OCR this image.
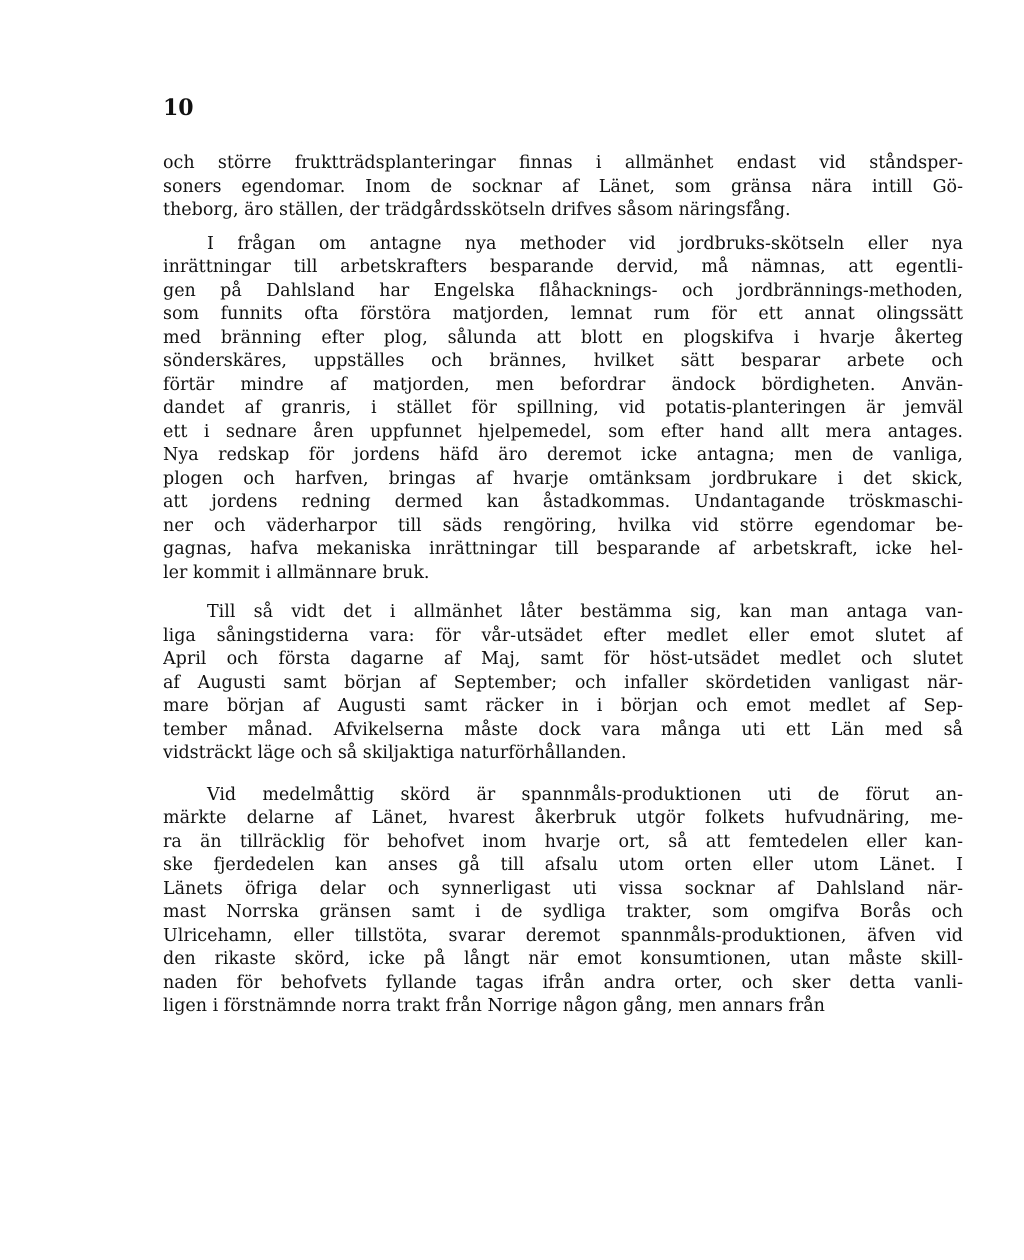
10
och större fruktträdsplanteringar finnas i allmänhet endast vid ståndsper-
soners egendomar. Inom de socknar af Länet, som gränsa nära intill Gö-
theborg, äro ställen, der trädgårdsskötseln drifves såsom näringsfång.
I frågan om antagne nya methoder vid jordbruks-skötseln eller nya
inrättningar till arbetskrafters besparande dervid, må nämnas, att egentli-
gen på Dahlsland har Engelska flåhacknings- och jordbrännings-methoden,
som funnits ofta förstöra matjorden, lemnat rum för ett annat olingssätt
med bränning efter plog, sålunda att blott en plogskifva i hvarje åkerteg
sönderskäres, uppställes och brännes, hvilket sätt besparar arbete och
förtär mindre af matjorden, men befordrar ändock bördigheten. Använ-
dandet af granris, i stället för spillning, vid potatis-planteringen är jemväl
ett i sednare åren uppfunnet hjelpemedel, som efter hand allt mera antages.
Nya redskap för jordens häfd äro deremot icke antagna; men de vanliga,
plogen och harfven, bringas af hvarje omtänksam jordbrukare i det skick,
att jordens redning dermed kan åstadkommas. Undantagande tröskmaschi-
ner och väderharpor till säds rengöring, hvilka vid större egendomar be-
gagnas, hafva mekaniska inrättningar till besparande af arbetskraft, icke hel-
ler kommit i allmännare bruk.
Till så vidt det i allmänhet låter bestämma sig, kan man antaga van-
liga såningstiderna vara: för vår-utsädet efter medlet eller emot slutet af
April och första dagarne af Maj, samt för höst-utsädet medlet och slutet
af Augusti samt början af September; och infaller skördetiden vanligast när-
mare början af Augusti samt räcker in i början och emot medlet af Sep-
tember månad. Afvikelserna måste dock vara många uti ett Län med så
vidsträckt läge och så skiljaktiga naturförhållanden.
Vid medelmåttig skörd är spannmåls-produktionen uti de förut an-
märkte delarne af Länet, hvarest åkerbruk utgör folkets hufvudnäring, me-
ra än tillräcklig för behofvet inom hvarje ort, så att femtedelen eller kan-
ske fjerdedelen kan anses gå till afsalu utom orten eller utom Länet. I
Länets öfriga delar och synnerligast uti vissa socknar af Dahlsland när-
mast Norrska gränsen samt i de sydliga trakter, som omgifva Borås och
Ulricehamn, eller tillstöta, svarar deremot spannmåls-produktionen, äfven vid
den rikaste skörd, icke på långt när emot konsumtionen, utan måste skill-
naden för behofvets fyllande tagas ifrån andra orter, och sker detta vanli-
ligen i förstnämnde norra trakt från Norrige någon gång, men annars från
